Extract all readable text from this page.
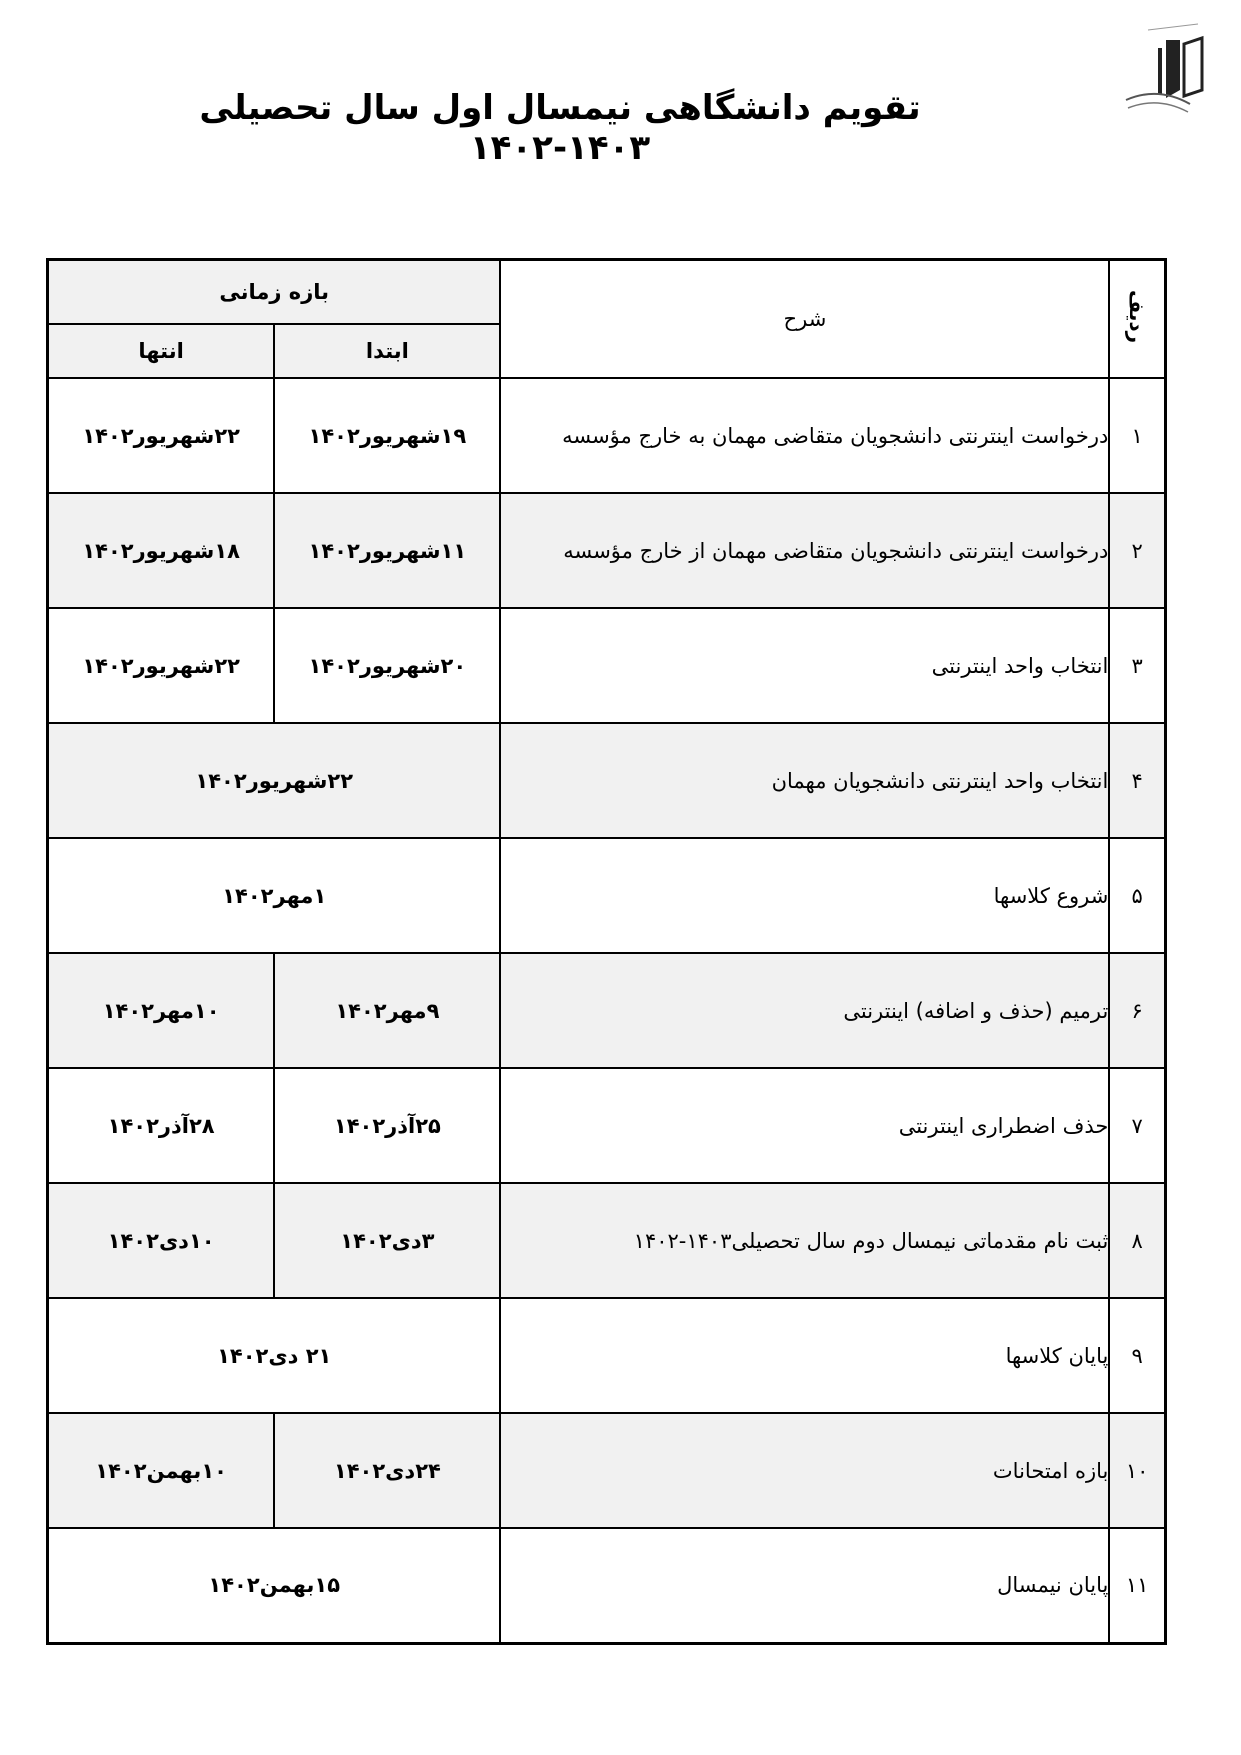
تقویم دانشگاهی نیمسال اول سال تحصیلی ۱۴۰۳-۱۴۰۲
ردیف	شرح	بازه زمانی	
		ابتدا	انتها
۱	درخواست اینترنتی دانشجویان متقاضی مهمان به خارج مؤسسه	۱۹شهریور۱۴۰۲	۲۲شهریور۱۴۰۲
۲	درخواست اینترنتی دانشجویان متقاضی مهمان از خارج مؤسسه	۱۱شهریور۱۴۰۲	۱۸شهریور۱۴۰۲
۳	انتخاب واحد اینترنتی	۲۰شهریور۱۴۰۲	۲۲شهریور۱۴۰۲
۴	انتخاب واحد اینترنتی دانشجویان مهمان	۲۲شهریور۱۴۰۲	
۵	شروع کلاسها	۱مهر۱۴۰۲	
۶	ترمیم (حذف و اضافه) اینترنتی	۹مهر۱۴۰۲	۱۰مهر۱۴۰۲
۷	حذف اضطراری اینترنتی	۲۵آذر۱۴۰۲	۲۸آذر۱۴۰۲
۸	ثبت نام مقدماتی نیمسال دوم سال تحصیلی۱۴۰۳-۱۴۰۲	۳دی۱۴۰۲	۱۰دی۱۴۰۲
۹	پایان کلاسها	۲۱ دی۱۴۰۲	
۱۰	بازه امتحانات	۲۴دی۱۴۰۲	۱۰بهمن۱۴۰۲
۱۱	پایان نیمسال	۱۵بهمن۱۴۰۲	
